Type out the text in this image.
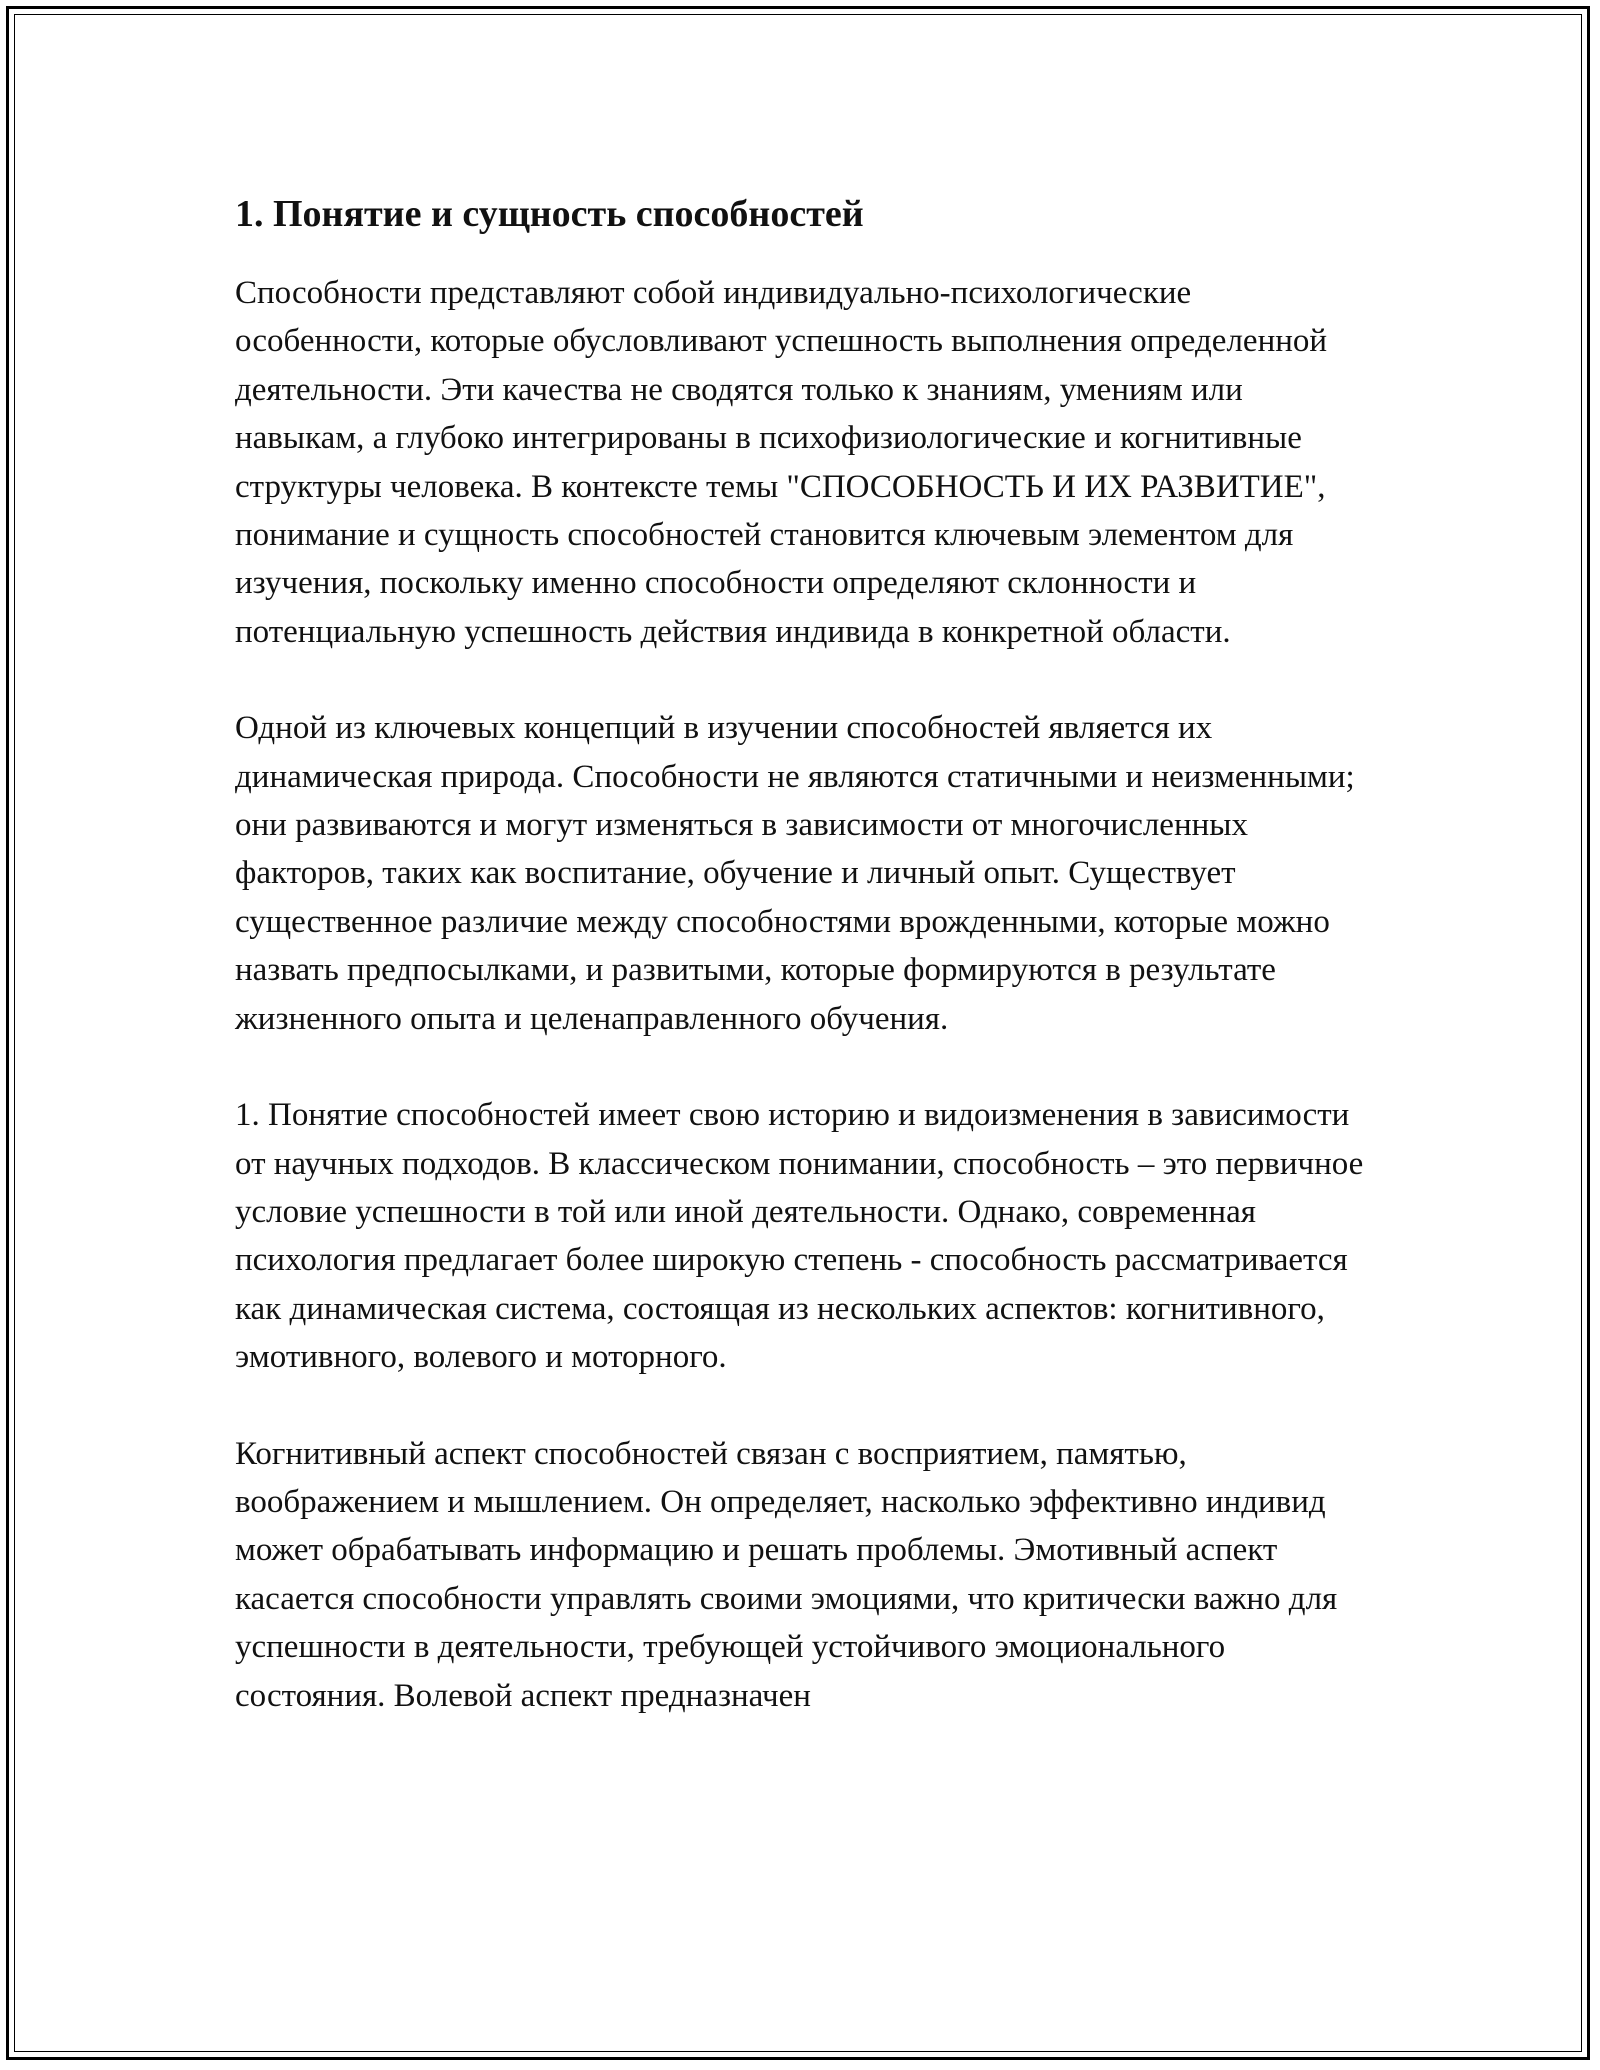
1. Понятие и сущность способностей

Способности представляют собой индивидуально-психологические особенности, которые обусловливают успешность выполнения определенной деятельности. Эти качества не сводятся только к знаниям, умениям или навыкам, а глубоко интегрированы в психофизиологические и когнитивные структуры человека. В контексте темы "СПОСОБНОСТЬ И ИХ РАЗВИТИЕ", понимание и сущность способностей становится ключевым элементом для изучения, поскольку именно способности определяют склонности и потенциальную успешность действия индивида в конкретной области.

Одной из ключевых концепций в изучении способностей является их динамическая природа. Способности не являются статичными и неизменными; они развиваются и могут изменяться в зависимости от многочисленных факторов, таких как воспитание, обучение и личный опыт. Существует существенное различие между способностями врожденными, которые можно назвать предпосылками, и развитыми, которые формируются в результате жизненного опыта и целенаправленного обучения.

1. Понятие способностей имеет свою историю и видоизменения в зависимости от научных подходов. В классическом понимании, способность – это первичное условие успешности в той или иной деятельности. Однако, современная психология предлагает более широкую степень - способность рассматривается как динамическая система, состоящая из нескольких аспектов: когнитивного, эмотивного, волевого и моторного.

Когнитивный аспект способностей связан с восприятием, памятью, воображением и мышлением. Он определяет, насколько эффективно индивид может обрабатывать информацию и решать проблемы. Эмотивный аспект касается способности управлять своими эмоциями, что критически важно для успешности в деятельности, требующей устойчивого эмоционального состояния. Волевой аспект предназначен
